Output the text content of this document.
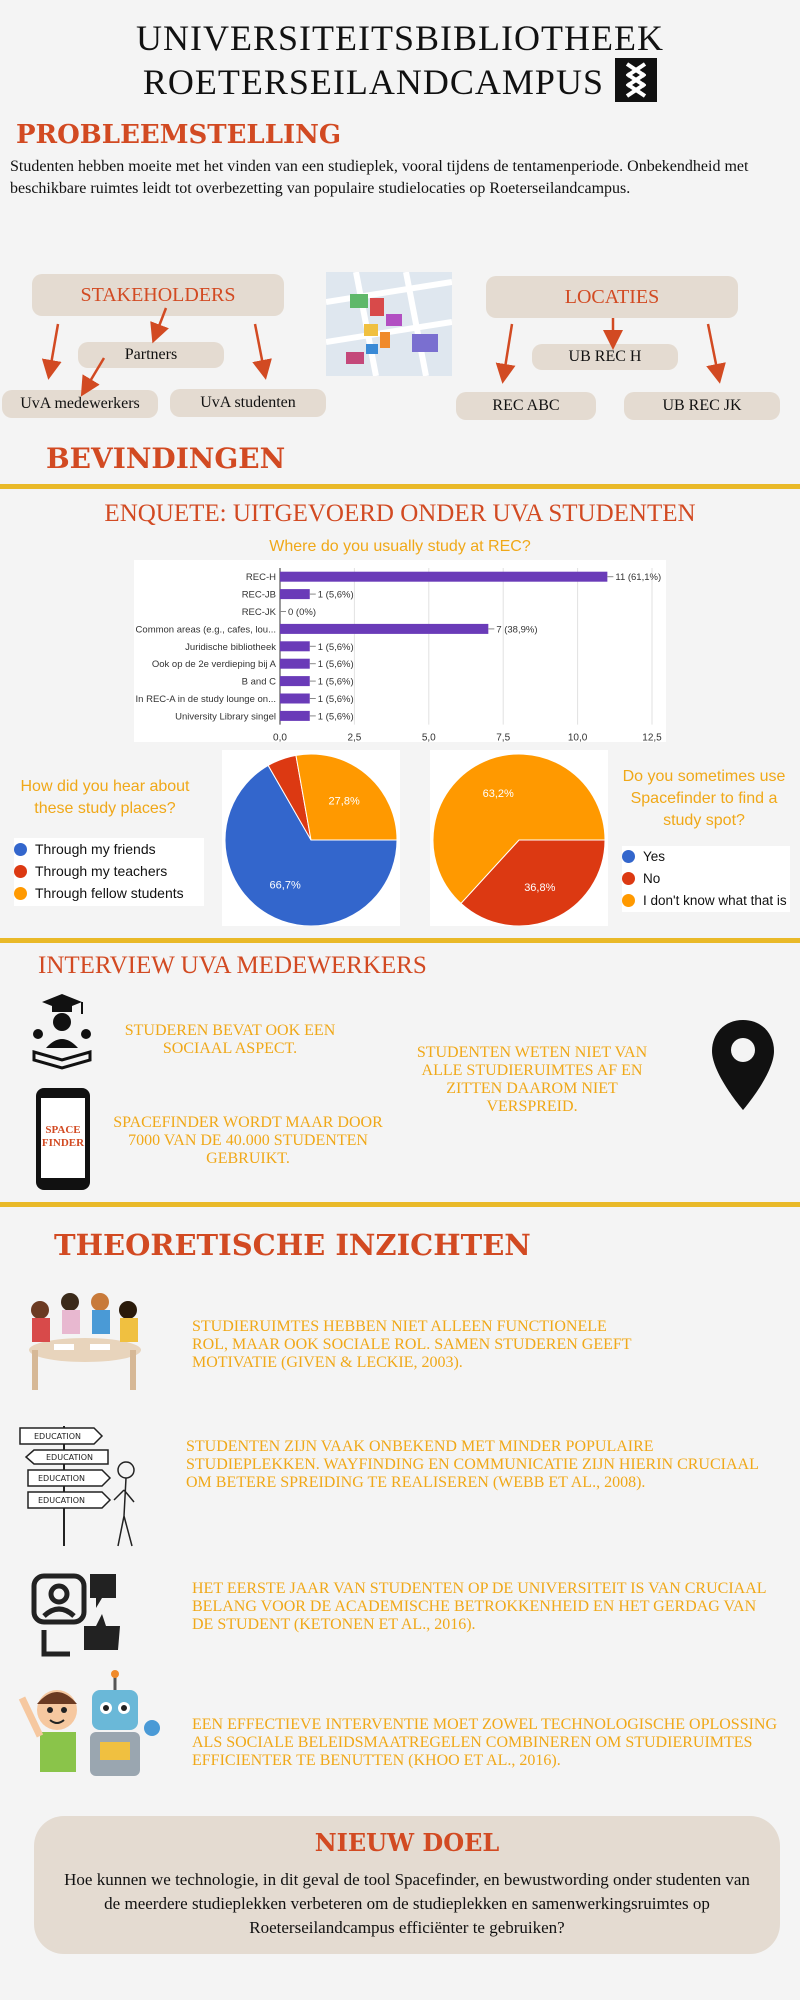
UNIVERSITEITSBIBLIOTHEEK
ROETERSEILANDCAMPUS
PROBLEEMSTELLING
Studenten hebben moeite met het vinden van een studieplek, vooral tijdens de tentamenperiode. Onbekendheid met beschikbare ruimtes leidt tot overbezetting van populaire studielocaties op Roeterseilandcampus.
STAKEHOLDERS
Partners
UvA medewerkers	UvA studenten
LOCATIES
UB REC H
REC ABC	UB REC JK
BEVINDINGEN
ENQUETE: UITGEVOERD ONDER UVA STUDENTEN
Where do you usually study at REC?
0,0	2,5	5,0	7,5	10,0	12,5
REC-H	11 (61,1%)
REC-JB	1 (5,6%)
REC-JK 0 (0%)
Common areas (e.g., cafes, lou...	7 (38,9%)
Juridische bibliotheek	1 (5,6%)
Ook op de 2e verdieping bij A	1 (5,6%)
B and C	1 (5,6%)
In REC-A in de study lounge on...	1 (5,6%)
University Library singel	1 (5,6%)
How did you hear about these study places?
Through my friends
Through my teachers
Through fellow students	66,7%
27,8%
36,8%
63,2%
Do you sometimes use Spacefinder to find a study spot?
Yes
No
I don't know what that is
INTERVIEW UVA MEDEWERKERS
STUDEREN BEVAT OOK EEN SOCIAAL ASPECT.
SPACE FINDER
SPACEFINDER WORDT MAAR DOOR 7000 VAN DE 40.000 STUDENTEN GEBRUIKT.
STUDENTEN WETEN NIET VAN ALLE STUDIERUIMTES AF EN ZITTEN DAAROM NIET VERSPREID.
THEORETISCHE INZICHTEN
STUDIERUIMTES HEBBEN NIET ALLEEN FUNCTIONELE ROL, MAAR OOK SOCIALE ROL. SAMEN STUDEREN GEEFT MOTIVATIE (GIVEN & LECKIE, 2003).
EDUCATION
EDUCATION
EDUCATION
EDUCATION
STUDENTEN ZIJN VAAK ONBEKEND MET MINDER POPULAIRE STUDIEPLEKKEN. WAYFINDING EN COMMUNICATIE ZIJN HIERIN CRUCIAAL OM BETERE SPREIDING TE REALISEREN (WEBB ET AL., 2008).
HET EERSTE JAAR VAN STUDENTEN OP DE UNIVERSITEIT IS VAN CRUCIAAL BELANG VOOR DE ACADEMISCHE BETROKKENHEID EN HET GERDAG VAN DE STUDENT (KETONEN ET AL., 2016).
EEN EFFECTIEVE INTERVENTIE MOET ZOWEL TECHNOLOGISCHE OPLOSSING ALS SOCIALE BELEIDSMAATREGELEN COMBINEREN OM STUDIERUIMTES EFFICIENTER TE BENUTTEN (KHOO ET AL., 2016).
NIEUW DOEL
Hoe kunnen we technologie, in dit geval de tool Spacefinder, en bewustwording onder studenten van de meerdere studieplekken verbeteren om de studieplekken en samenwerkingsruimtes op Roeterseilandcampus efficiënter te gebruiken?
